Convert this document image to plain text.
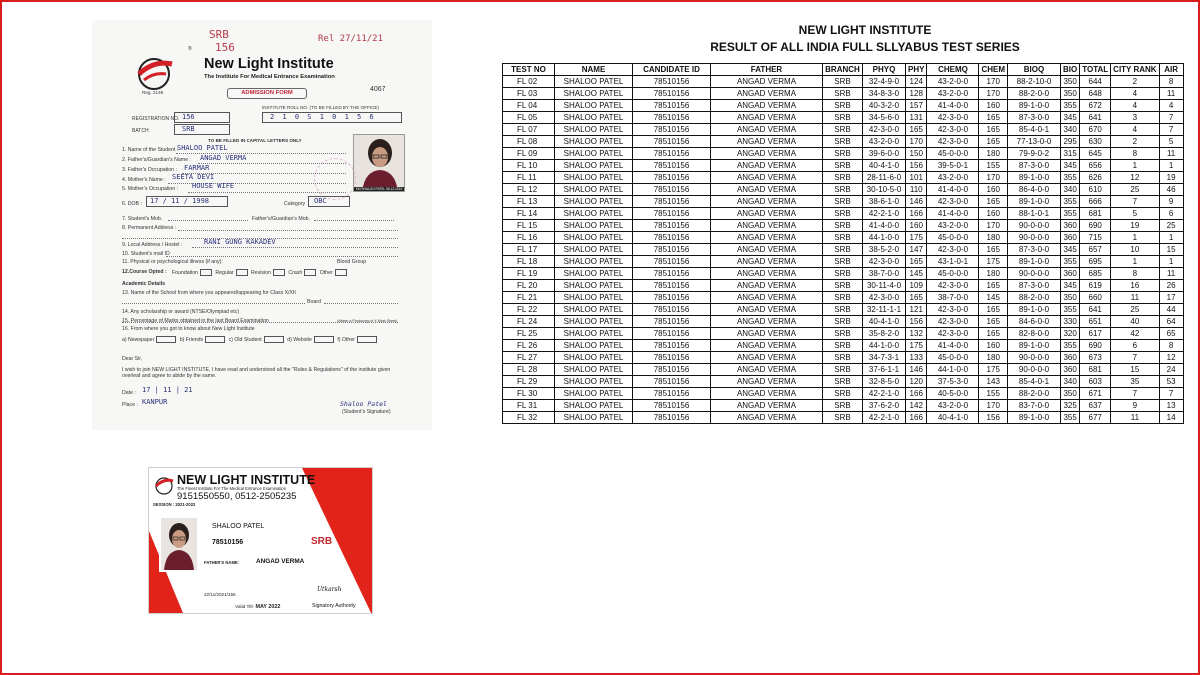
SRB
156
Rel 27/11/21
®
New Light Institute
The Institute For Medical Entrance Examination
4067
Reg. 2149	ADMISSION FORM
INSTITUTE ROLL NO. (TO BE FILLED BY THE OFFICE)
2 1 0 S 1 0 1 5 6
REGISTRATION NO. 156
BATCH	SRB
TO BE FILLED IN CAPITAL LETTERS ONLY
KM SHALOO PATEL 05-12-2019
1. Name of the Student :
SHALOO PATEL
2. Father's/Guardian's Name : ANGAD VERMA
3. Father's Occupation : FARMAR
4. Mother's Name : SEETA DEVI
5. Mother's Occupation : HOUSE WIFE
6. DOB : 17 / 11 / 1998	Category OBC
7. Student's Mob.	Father's/Guardian's Mob.
8. Permanent Address :
9. Local Address / Hostel :	RANI GUNG KAKADEV
10. Student's mail ID
11. Physical or psychological illness (if any):	Blood Group
12.Course Opted : Foundation	Regular	Revision	Crash	Other
Academic Details
13. Name of the School from where you appeared/appearing for Class X/XII
Board
14. Any scholarship or award (NTSE/Olympiad etc)
15. Percentage of Marks obtained in the last Board Examination	(Attach a Photocopy of X Mark Sheet)
16. From where you got to know about New Light Institute
a) Newspaper	b) Friends	c) Old Student	d) Website	f) Other
Dear Sir,
I wish to join NEW LIGHT INSTITUTE, I have read and understood all the "Rules & Regulations" of the institute given overleaf and agree to abide by the same.
Date : 17 | 11 | 21
Place : KANPUR	Shaloo Patel
(Student's Signature)
NEW LIGHT INSTITUTE
The Finest Institute For The Medical Entrance Examination
9151550550, 0512-2505235
SESSION : 2021-2022
SHALOO PATEL
78510156	SRB
FATHER'S NAME:	ANGAD VERMA
22/11/2021/156
Valid Till- MAY 2022
Utkarsh
Signatory Authority
NEW LIGHT INSTITUTE
RESULT OF ALL INDIA FULL SLLYABUS TEST SERIES
TEST NO	NAME	CANDIDATE ID	FATHER	BRANCH	PHYQ	PHY	CHEMQ	CHEM	BIOQ	BIO	TOTAL	CITY RANK	AIR
FL 02	SHALOO PATEL	78510156	ANGAD VERMA	SRB	32-4-9-0	124	43-2-0-0	170	88-2-10-0	350	644	2	8
FL 03	SHALOO PATEL	78510156	ANGAD VERMA	SRB	34-8-3-0	128	43-2-0-0	170	88-2-0-0	350	648	4	11
FL 04	SHALOO PATEL	78510156	ANGAD VERMA	SRB	40-3-2-0	157	41-4-0-0	160	89-1-0-0	355	672	4	4
FL 05	SHALOO PATEL	78510156	ANGAD VERMA	SRB	34-5-6-0	131	42-3-0-0	165	87-3-0-0	345	641	3	7
FL 07	SHALOO PATEL	78510156	ANGAD VERMA	SRB	42-3-0-0	165	42-3-0-0	165	85-4-0-1	340	670	4	7
FL 08	SHALOO PATEL	78510156	ANGAD VERMA	SRB	43-2-0-0	170	42-3-0-0	165	77-13-0-0	295	630	2	5
FL 09	SHALOO PATEL	78510156	ANGAD VERMA	SRB	39-6-0-0	150	45-0-0-0	180	79-9-0-2	315	645	8	11
FL 10	SHALOO PATEL	78510156	ANGAD VERMA	SRB	40-4-1-0	156	39-5-0-1	155	87-3-0-0	345	656	1	1
FL 11	SHALOO PATEL	78510156	ANGAD VERMA	SRB	28-11-6-0	101	43-2-0-0	170	89-1-0-0	355	626	12	19
FL 12	SHALOO PATEL	78510156	ANGAD VERMA	SRB	30-10-5-0	110	41-4-0-0	160	86-4-0-0	340	610	25	46
FL 13	SHALOO PATEL	78510156	ANGAD VERMA	SRB	38-6-1-0	146	42-3-0-0	165	89-1-0-0	355	666	7	9
FL 14	SHALOO PATEL	78510156	ANGAD VERMA	SRB	42-2-1-0	166	41-4-0-0	160	88-1-0-1	355	681	5	6
FL 15	SHALOO PATEL	78510156	ANGAD VERMA	SRB	41-4-0-0	160	43-2-0-0	170	90-0-0-0	360	690	19	25
FL 16	SHALOO PATEL	78510156	ANGAD VERMA	SRB	44-1-0-0	175	45-0-0-0	180	90-0-0-0	360	715	1	1
FL 17	SHALOO PATEL	78510156	ANGAD VERMA	SRB	38-5-2-0	147	42-3-0-0	165	87-3-0-0	345	657	10	15
FL 18	SHALOO PATEL	78510156	ANGAD VERMA	SRB	42-3-0-0	165	43-1-0-1	175	89-1-0-0	355	695	1	1
FL 19	SHALOO PATEL	78510156	ANGAD VERMA	SRB	38-7-0-0	145	45-0-0-0	180	90-0-0-0	360	685	8	11
FL 20	SHALOO PATEL	78510156	ANGAD VERMA	SRB	30-11-4-0	109	42-3-0-0	165	87-3-0-0	345	619	16	26
FL 21	SHALOO PATEL	78510156	ANGAD VERMA	SRB	42-3-0-0	165	38-7-0-0	145	88-2-0-0	350	660	11	17
FL 22	SHALOO PATEL	78510156	ANGAD VERMA	SRB	32-11-1-1	121	42-3-0-0	165	89-1-0-0	355	641	25	44
FL 24	SHALOO PATEL	78510156	ANGAD VERMA	SRB	40-4-1-0	156	42-3-0-0	165	84-6-0-0	330	651	40	64
FL 25	SHALOO PATEL	78510156	ANGAD VERMA	SRB	35-8-2-0	132	42-3-0-0	165	82-8-0-0	320	617	42	65
FL 26	SHALOO PATEL	78510156	ANGAD VERMA	SRB	44-1-0-0	175	41-4-0-0	160	89-1-0-0	355	690	6	8
FL 27	SHALOO PATEL	78510156	ANGAD VERMA	SRB	34-7-3-1	133	45-0-0-0	180	90-0-0-0	360	673	7	12
FL 28	SHALOO PATEL	78510156	ANGAD VERMA	SRB	37-6-1-1	146	44-1-0-0	175	90-0-0-0	360	681	15	24
FL 29	SHALOO PATEL	78510156	ANGAD VERMA	SRB	32-8-5-0	120	37-5-3-0	143	85-4-0-1	340	603	35	53
FL 30	SHALOO PATEL	78510156	ANGAD VERMA	SRB	42-2-1-0	166	40-5-0-0	155	88-2-0-0	350	671	7	7
FL 31	SHALOO PATEL	78510156	ANGAD VERMA	SRB	37-6-2-0	142	43-2-0-0	170	83-7-0-0	325	637	9	13
FL 32	SHALOO PATEL	78510156	ANGAD VERMA	SRB	42-2-1-0	166	40-4-1-0	156	89-1-0-0	355	677	11	14
